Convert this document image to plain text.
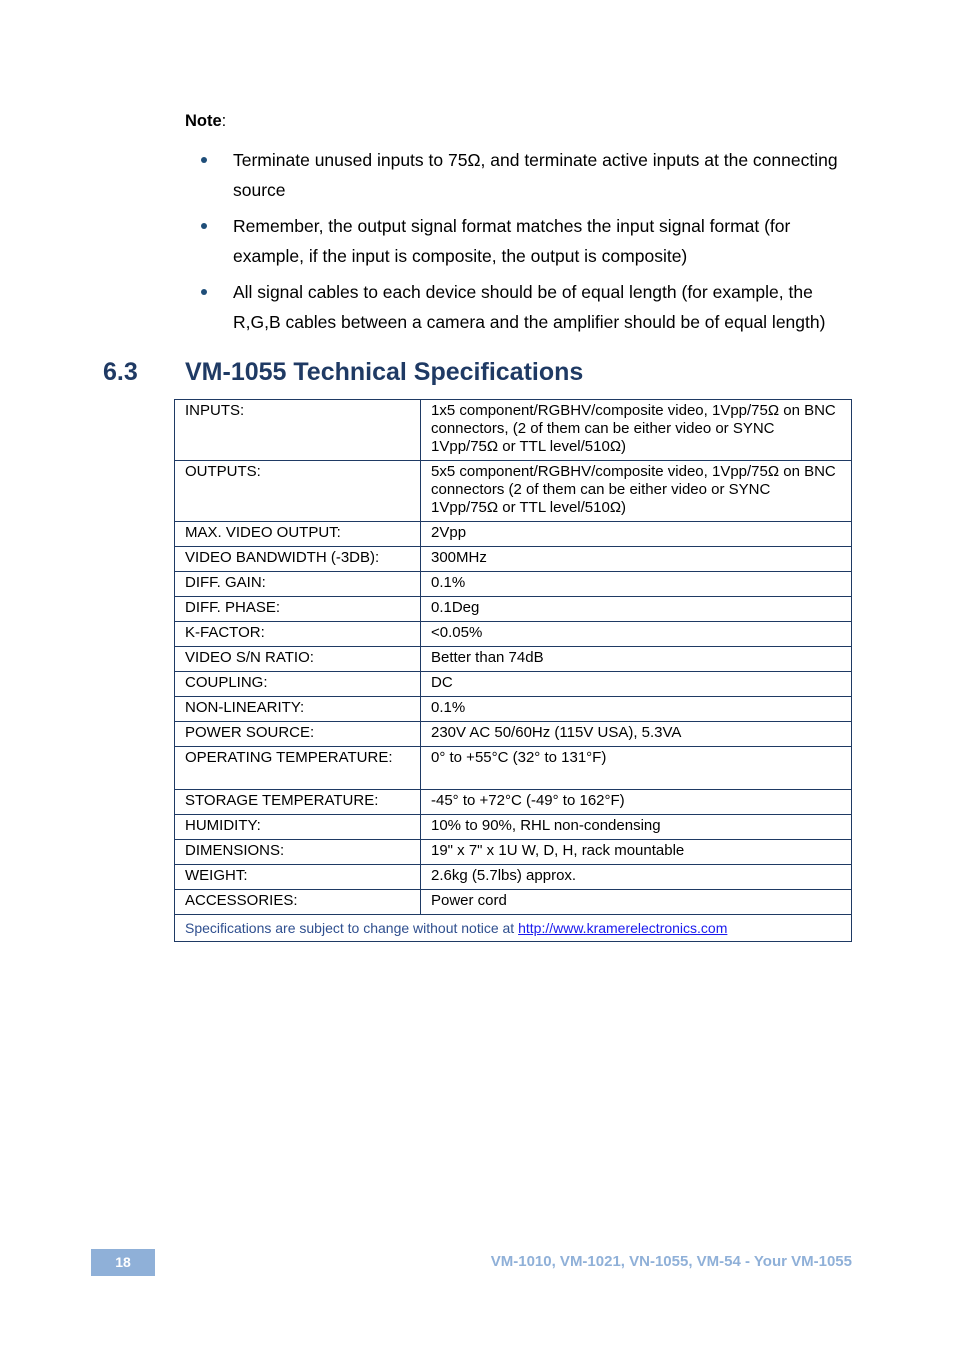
Note:
Terminate unused inputs to 75Ω, and terminate active inputs at the connecting source
Remember, the output signal format matches the input signal format (for example, if the input is composite, the output is composite)
All signal cables to each device should be of equal length (for example, the R,G,B cables between a camera and the amplifier should be of equal length)
6.3 VM-1055 Technical Specifications
INPUTS:	1x5 component/RGBHV/composite video, 1Vpp/75Ω on BNC connectors, (2 of them can be either video or SYNC 1Vpp/75Ω or TTL level/510Ω)
OUTPUTS:	5x5 component/RGBHV/composite video, 1Vpp/75Ω on BNC connectors (2 of them can be either video or SYNC 1Vpp/75Ω or TTL level/510Ω)
MAX. VIDEO OUTPUT:	2Vpp
VIDEO BANDWIDTH (-3DB):	300MHz
DIFF. GAIN:	0.1%
DIFF. PHASE:	0.1Deg
K-FACTOR:	<0.05%
VIDEO S/N RATIO:	Better than 74dB
COUPLING:	DC
NON-LINEARITY:	0.1%
POWER SOURCE:	230V AC 50/60Hz (115V USA), 5.3VA
OPERATING TEMPERATURE:	0° to +55°C (32° to 131°F)
STORAGE TEMPERATURE:	-45° to +72°C (-49° to 162°F)
HUMIDITY:	10% to 90%, RHL non-condensing
DIMENSIONS:	19" x 7" x 1U W, D, H, rack mountable
WEIGHT:	2.6kg (5.7lbs) approx.
ACCESSORIES:	Power cord
Specifications are subject to change without notice at http://www.kramerelectronics.com	
18	VM-1010, VM-1021, VN-1055, VM-54 - Your VM-1055
